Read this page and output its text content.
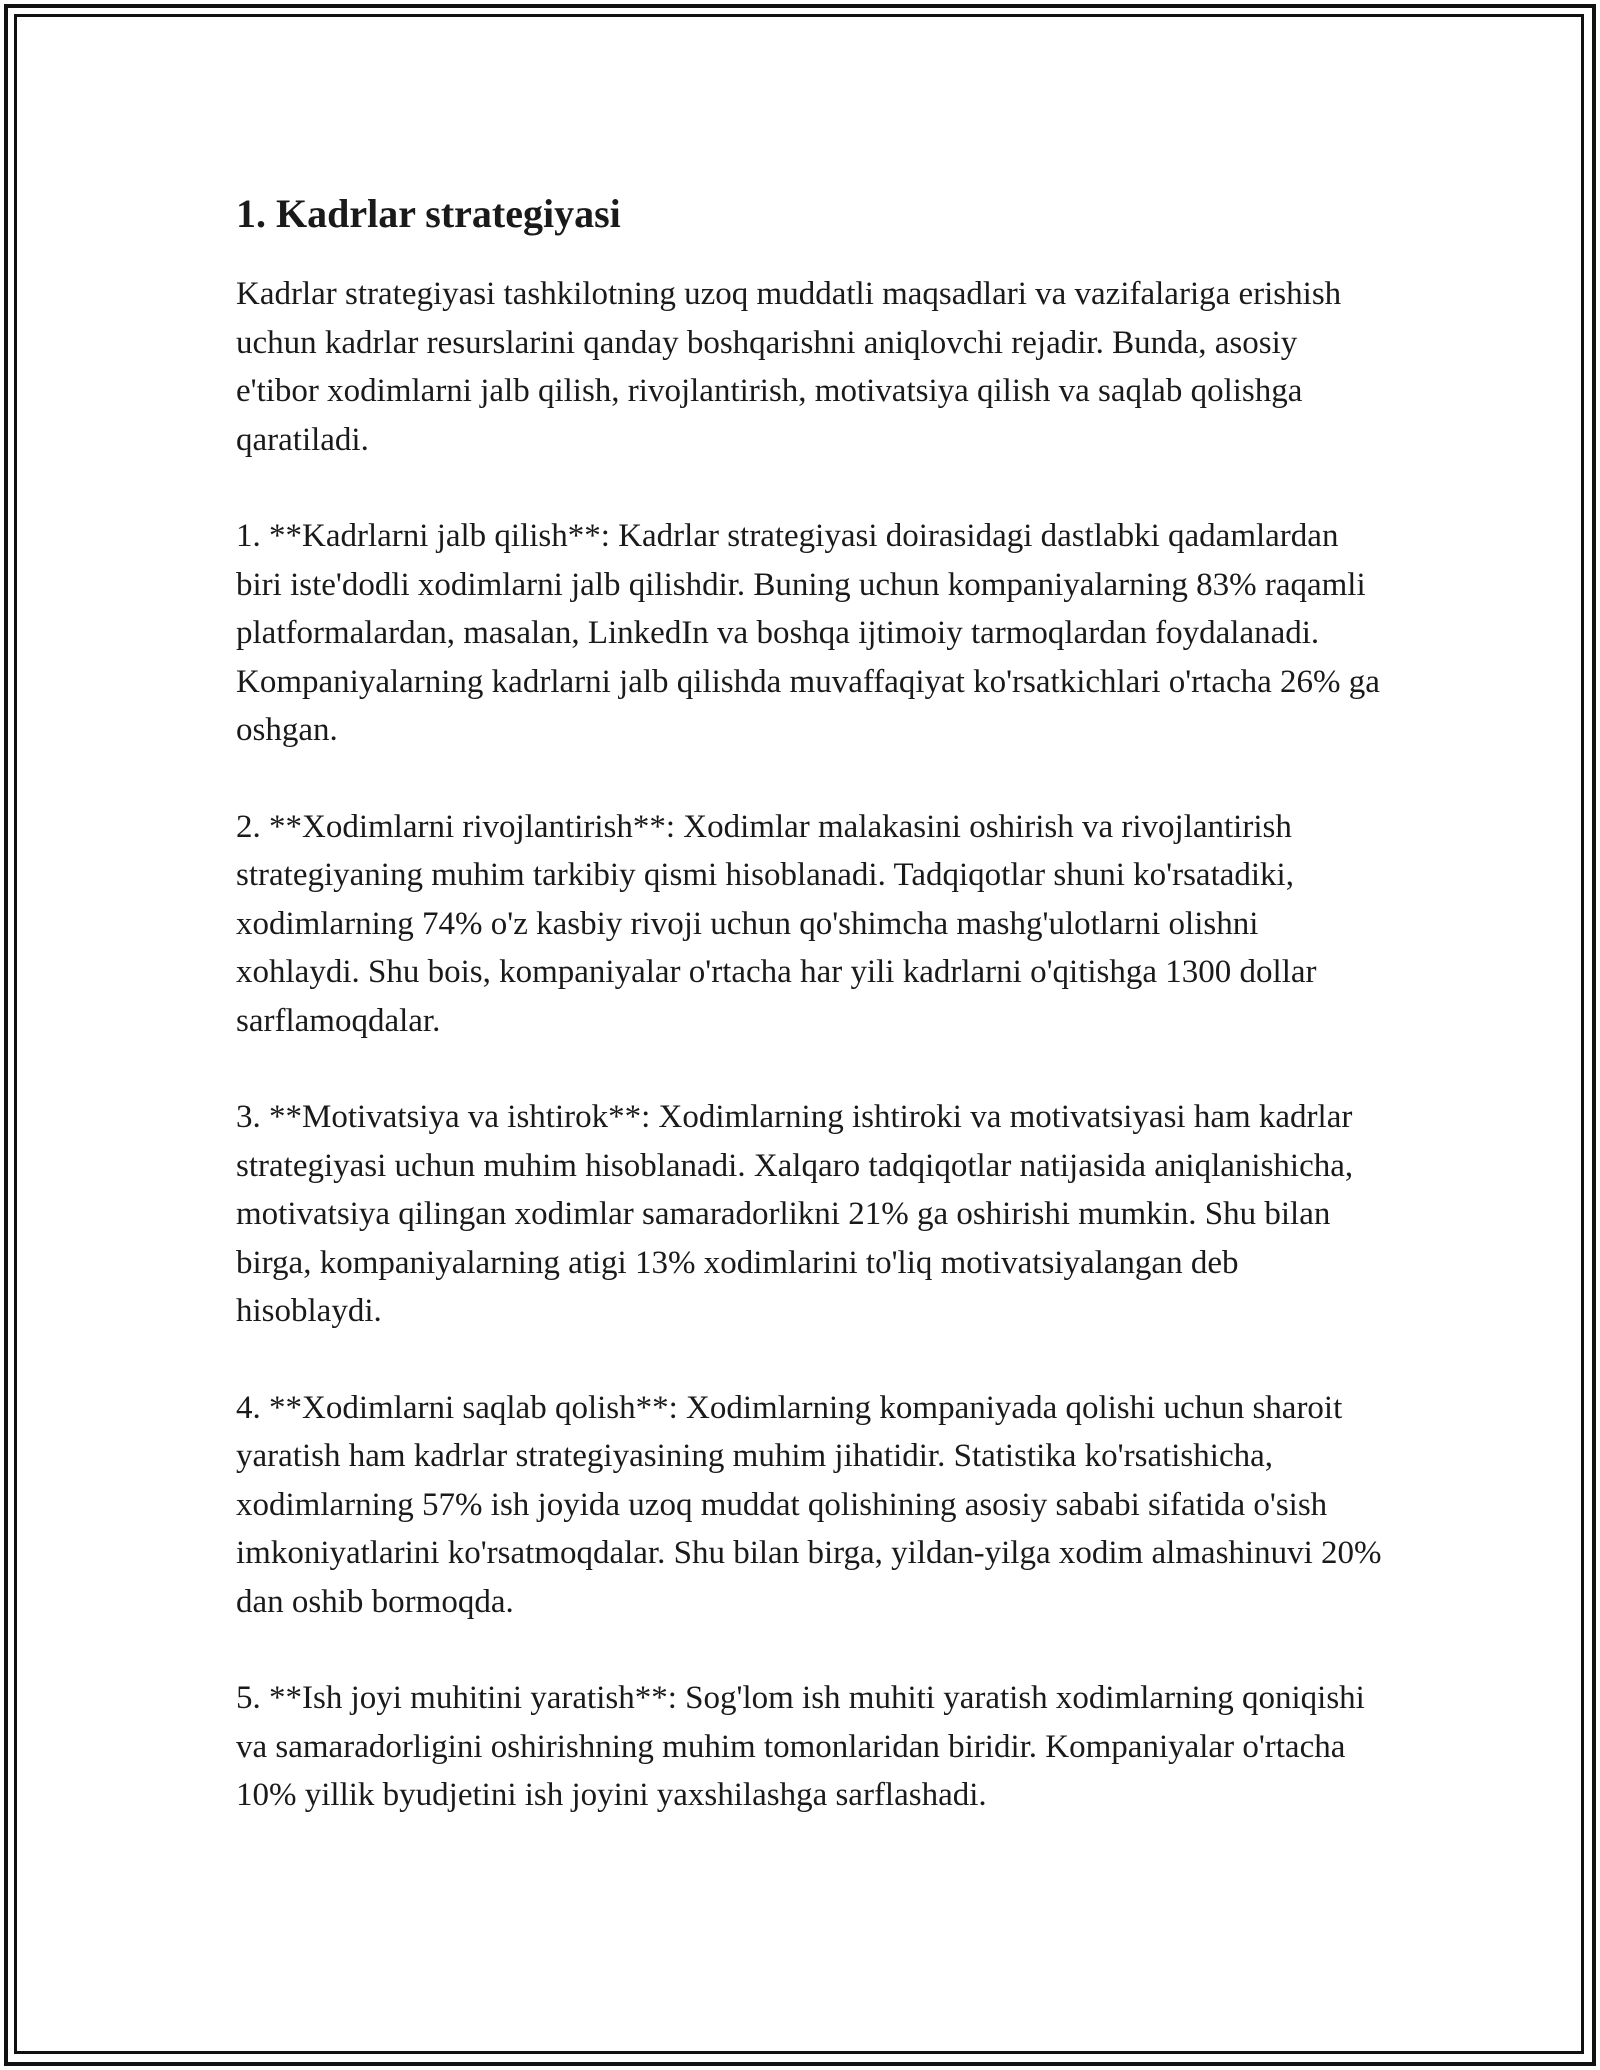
1. Kadrlar strategiyasi

Kadrlar strategiyasi tashkilotning uzoq muddatli maqsadlari va vazifalariga erishish uchun kadrlar resurslarini qanday boshqarishni aniqlovchi rejadir. Bunda, asosiy e'tibor xodimlarni jalb qilish, rivojlantirish, motivatsiya qilish va saqlab qolishga qaratiladi.

1. **Kadrlarni jalb qilish**: Kadrlar strategiyasi doirasidagi dastlabki qadamlardan biri iste'dodli xodimlarni jalb qilishdir. Buning uchun kompaniyalarning 83% raqamli platformalardan, masalan, LinkedIn va boshqa ijtimoiy tarmoqlardan foydalanadi. Kompaniyalarning kadrlarni jalb qilishda muvaffaqiyat ko'rsatkichlari o'rtacha 26% ga oshgan.

2. **Xodimlarni rivojlantirish**: Xodimlar malakasini oshirish va rivojlantirish strategiyaning muhim tarkibiy qismi hisoblanadi. Tadqiqotlar shuni ko'rsatadiki, xodimlarning 74% o'z kasbiy rivoji uchun qo'shimcha mashg'ulotlarni olishni xohlaydi. Shu bois, kompaniyalar o'rtacha har yili kadrlarni o'qitishga 1300 dollar sarflamoqdalar.

3. **Motivatsiya va ishtirok**: Xodimlarning ishtiroki va motivatsiyasi ham kadrlar strategiyasi uchun muhim hisoblanadi. Xalqaro tadqiqotlar natijasida aniqlanishicha, motivatsiya qilingan xodimlar samaradorlikni 21% ga oshirishi mumkin. Shu bilan birga, kompaniyalarning atigi 13% xodimlarini to'liq motivatsiyalangan deb hisoblaydi.

4. **Xodimlarni saqlab qolish**: Xodimlarning kompaniyada qolishi uchun sharoit yaratish ham kadrlar strategiyasining muhim jihatidir. Statistika ko'rsatishicha, xodimlarning 57% ish joyida uzoq muddat qolishining asosiy sababi sifatida o'sish imkoniyatlarini ko'rsatmoqdalar. Shu bilan birga, yildan-yilga xodim almashinuvi 20% dan oshib bormoqda.

5. **Ish joyi muhitini yaratish**: Sog'lom ish muhiti yaratish xodimlarning qoniqishi va samaradorligini oshirishning muhim tomonlaridan biridir. Kompaniyalar o'rtacha 10% yillik byudjetini ish joyini yaxshilashga sarflashadi.
